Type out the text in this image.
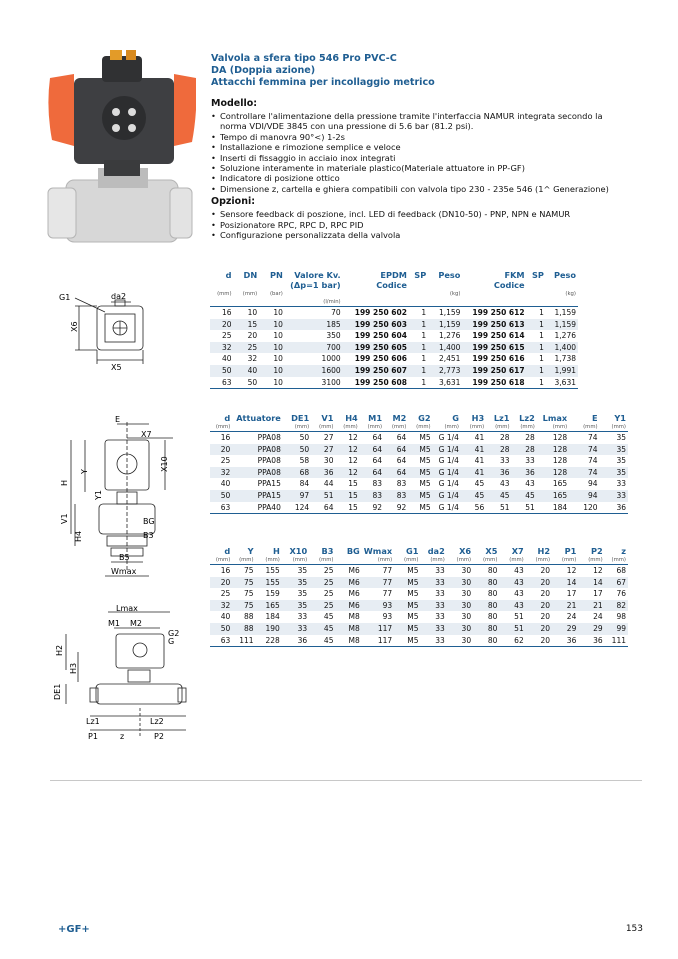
Valvola a sfera tipo 546 Pro PVC-C
DA (Doppia azione)
Attacchi femmina per incollaggio metrico
Modello:
• Controllare l'alimentazione della pressione tramite l'interfaccia NAMUR integrata secondo la
norma VDI/VDE 3845 con una pressione di 5.6 bar (81.2 psi).
• Tempo di manovra 90°<) 1-2s
• Installazione e rimozione semplice e veloce
• Inserti di fissaggio in acciaio inox integrati
• Soluzione interamente in materiale plastico(Materiale attuatore in PP-GF)
• Indicatore di posizione ottico
• Dimensione z, cartella e ghiera compatibili con valvola tipo 230 - 235e 546 (1^ Generazione)
Opzioni:
• Sensore feedback di poszione, incl. LED di feedback (DN10-50) - PNP, NPN e NAMUR
• Posizionatore RPC, RPC D, RPC PID
• Configurazione personalizzata della valvola
d	DN	PN	Valore Kv.	EPDM	SP	Peso	FKM	SP	Peso
			(Δp=1 bar)	Codice			Codice		
(mm)	(mm)	(bar)				(kg)			(kg)
			(l/min)						
16	10	10	70	199 250 602	1	1,159	199 250 612	1	1,159
20	15	10	185	199 250 603	1	1,159	199 250 613	1	1,159
25	20	10	350	199 250 604	1	1,276	199 250 614	1	1,276
32	25	10	700	199 250 605	1	1,400	199 250 615	1	1,400
40	32	10	1000	199 250 606	1	2,451	199 250 616	1	1,738
50	40	10	1600	199 250 607	1	2,773	199 250 617	1	1,991
63	50	10	3100	199 250 608	1	3,631	199 250 618	1	3,631
d	Attuatore	DE1	V1	H4	M1	M2	G2	G	H3	Lz1	Lz2	Lmax	E	Y1
(mm)		(mm)	(mm)	(mm)	(mm)	(mm)	(mm)	(mm)	(mm)	(mm)	(mm)	(mm)	(mm)	(mm)
16	PPA08	50	27	12	64	64	M5	G 1/4	41	28	28	128	74	35
20	PPA08	50	27	12	64	64	M5	G 1/4	41	28	28	128	74	35
25	PPA08	58	30	12	64	64	M5	G 1/4	41	33	33	128	74	35
32	PPA08	68	36	12	64	64	M5	G 1/4	41	36	36	128	74	35
40	PPA15	84	44	15	83	83	M5	G 1/4	45	43	43	165	94	33
50	PPA15	97	51	15	83	83	M5	G 1/4	45	45	45	165	94	33
63	PPA40	124	64	15	92	92	M5	G 1/4	56	51	51	184	120	36
d	Y	H	X10	B3	BG	Wmax	G1	da2	X6	X5	X7	H2	P1	P2	z
(mm)	(mm)	(mm)	(mm)	(mm)		(mm)	(mm)	(mm)	(mm)	(mm)	(mm)	(mm)	(mm)	(mm)	(mm)
16	75	155	35	25	M6	77	M5	33	30	80	43	20	12	12	68
20	75	155	35	25	M6	77	M5	33	30	80	43	20	14	14	67
25	75	159	35	25	M6	77	M5	33	30	80	43	20	17	17	76
32	75	165	35	25	M6	93	M5	33	30	80	43	20	21	21	82
40	88	184	33	45	M8	93	M5	33	30	80	51	20	24	24	98
50	88	190	33	45	M8	117	M5	33	30	80	51	20	29	29	99
63	111	228	36	45	M8	117	M5	33	30	80	62	20	36	36	111
G1	da2
X6
X5
E
X7
Y
H
Y1
X10
V1
H4
BG
B3
B5
Wmax
Lmax
M1 M2
G2
G
H2
H3
DE1
Lz1	Lz2
P1	z	P2
+GF+	153
